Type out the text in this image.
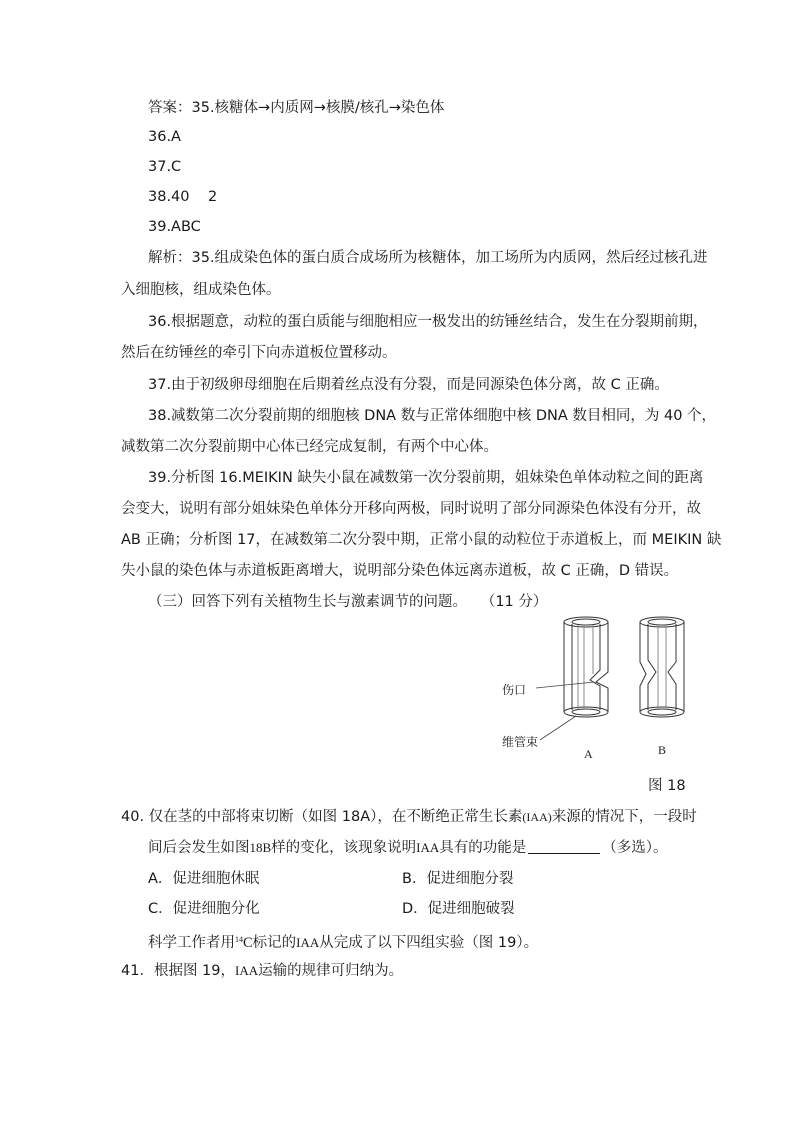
答案：35.核糖体→内质网→核膜/核孔→染色体
36.A
37.C
38.40    2
39.ABC
解析：35.组成染色体的蛋白质合成场所为核糖体，加工场所为内质网，然后经过核孔进
入细胞核，组成染色体。
36.根据题意，动粒的蛋白质能与细胞相应一极发出的纺锤丝结合，发生在分裂期前期，
然后在纺锤丝的牵引下向赤道板位置移动。
37.由于初级卵母细胞在后期着丝点没有分裂，而是同源染色体分离，故 C 正确。
38.减数第二次分裂前期的细胞核 DNA 数与正常体细胞中核 DNA 数目相同，为 40 个，
减数第二次分裂前期中心体已经完成复制，有两个中心体。
39.分析图 16.MEIKIN 缺失小鼠在减数第一次分裂前期，姐妹染色单体动粒之间的距离
会变大，说明有部分姐妹染色单体分开移向两极，同时说明了部分同源染色体没有分开，故
AB 正确；分析图 17，在减数第二次分裂中期，正常小鼠的动粒位于赤道板上，而 MEIKIN 缺
失小鼠的染色体与赤道板距离增大，说明部分染色体远离赤道板，故 C 正确，D 错误。
（三）回答下列有关植物生长与激素调节的问题。   （11 分）
伤口
维管束
A	B
图 18
40. 仅在茎的中部将束切断（如图 18A），在不断绝正常生长素(IAA)来源的情况下，一段时
间后会发生如图18B样的变化，该现象说明IAA具有的功能是	（多选）。
A．促进细胞休眠	B．促进细胞分裂
C．促进细胞分化	D．促进细胞破裂
科学工作者用$^{14}$C标记的IAA从完成了以下四组实验（图 19）。
41．根据图 19，IAA运输的规律可归纳为。
